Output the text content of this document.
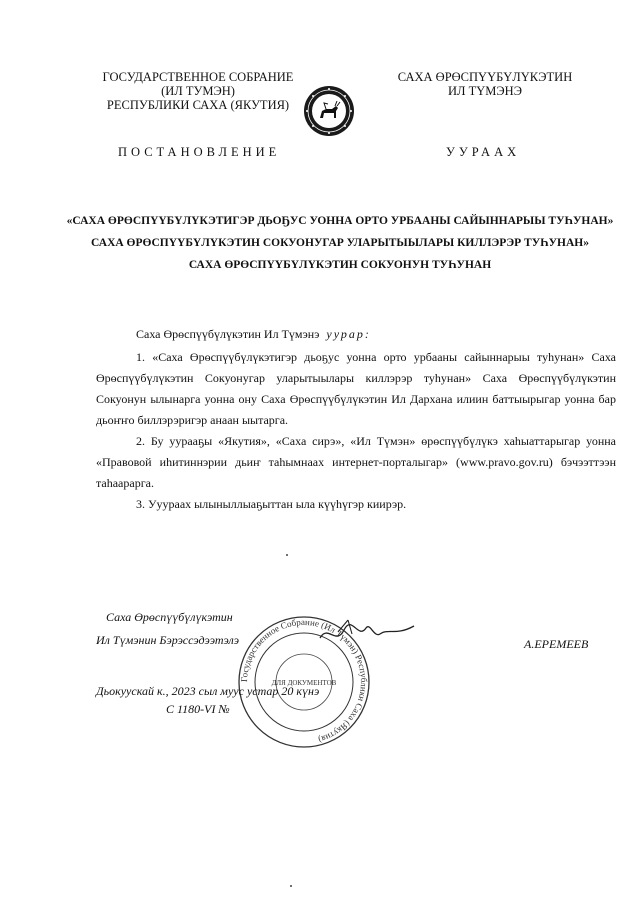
ГОСУДАРСТВЕННОЕ СОБРАНИЕ
(ИЛ ТУМЭН)
РЕСПУБЛИКИ САХА (ЯКУТИЯ)
САХА ӨРӨСПҮҮБҮЛҮКЭТИН
ИЛ ТҮМЭНЭ
ПОСТАНОВЛЕНИЕ	УУРААХ
«САХА ӨРӨСПҮҮБҮЛҮКЭТИГЭР ДЬОҔУС УОННА ОРТО УРБААНЫ САЙЫННАРЫЫ ТУҺУНАН»
САХА ӨРӨСПҮҮБҮЛҮКЭТИН СОКУОНУГАР УЛАРЫТЫЫЛАРЫ КИЛЛЭРЭР ТУҺУНАН»
САХА ӨРӨСПҮҮБҮЛҮКЭТИН СОКУОНУН ТУҺУНАН
Саха Өрөспүүбүлүкэтин Ил Түмэнэ уурар:

1. «Саха Өрөспүүбүлүкэтигэр дьоҕус уонна орто урбааны сайыннарыы туһунан» Саха Өрөспүүбүлүкэтин Сокуонугар уларытыылары киллэрэр туһунан» Саха Өрөспүүбүлүкэтин Сокуонун ылынарга уонна ону Саха Өрөспүүбүлүкэтин Ил Дархана илиин баттыырыгар уонна бар дьоҥҥо биллэрэригэр анаан ыытарга.

2. Бу уурааҕы «Якутия», «Саха сирэ», «Ил Түмэн» өрөспүүбүлүкэ хаһыаттарыгар уонна «Правовой иһитиннэрии дьиҥ таһымнаах интернет-порталыгар» (www.pravo.gov.ru) бэчээттээн таһаарарга.

3. Ууураах ылыныллыаҕыттан ыла күүһүгэр киирэр.

Государственное Собрание (Ил Түмэн) Республики Саха (Якутия)
ДЛЯ ДОКУМЕНТОВ
Саха Өрөспүүбүлүкэтин
Ил Түмэнин Бэрэссэдээтэлэ	А.ЕРЕМЕЕВ
Дьокуускай к., 2023 сыл муус устар 20 күнэ
С 1180-VI №
